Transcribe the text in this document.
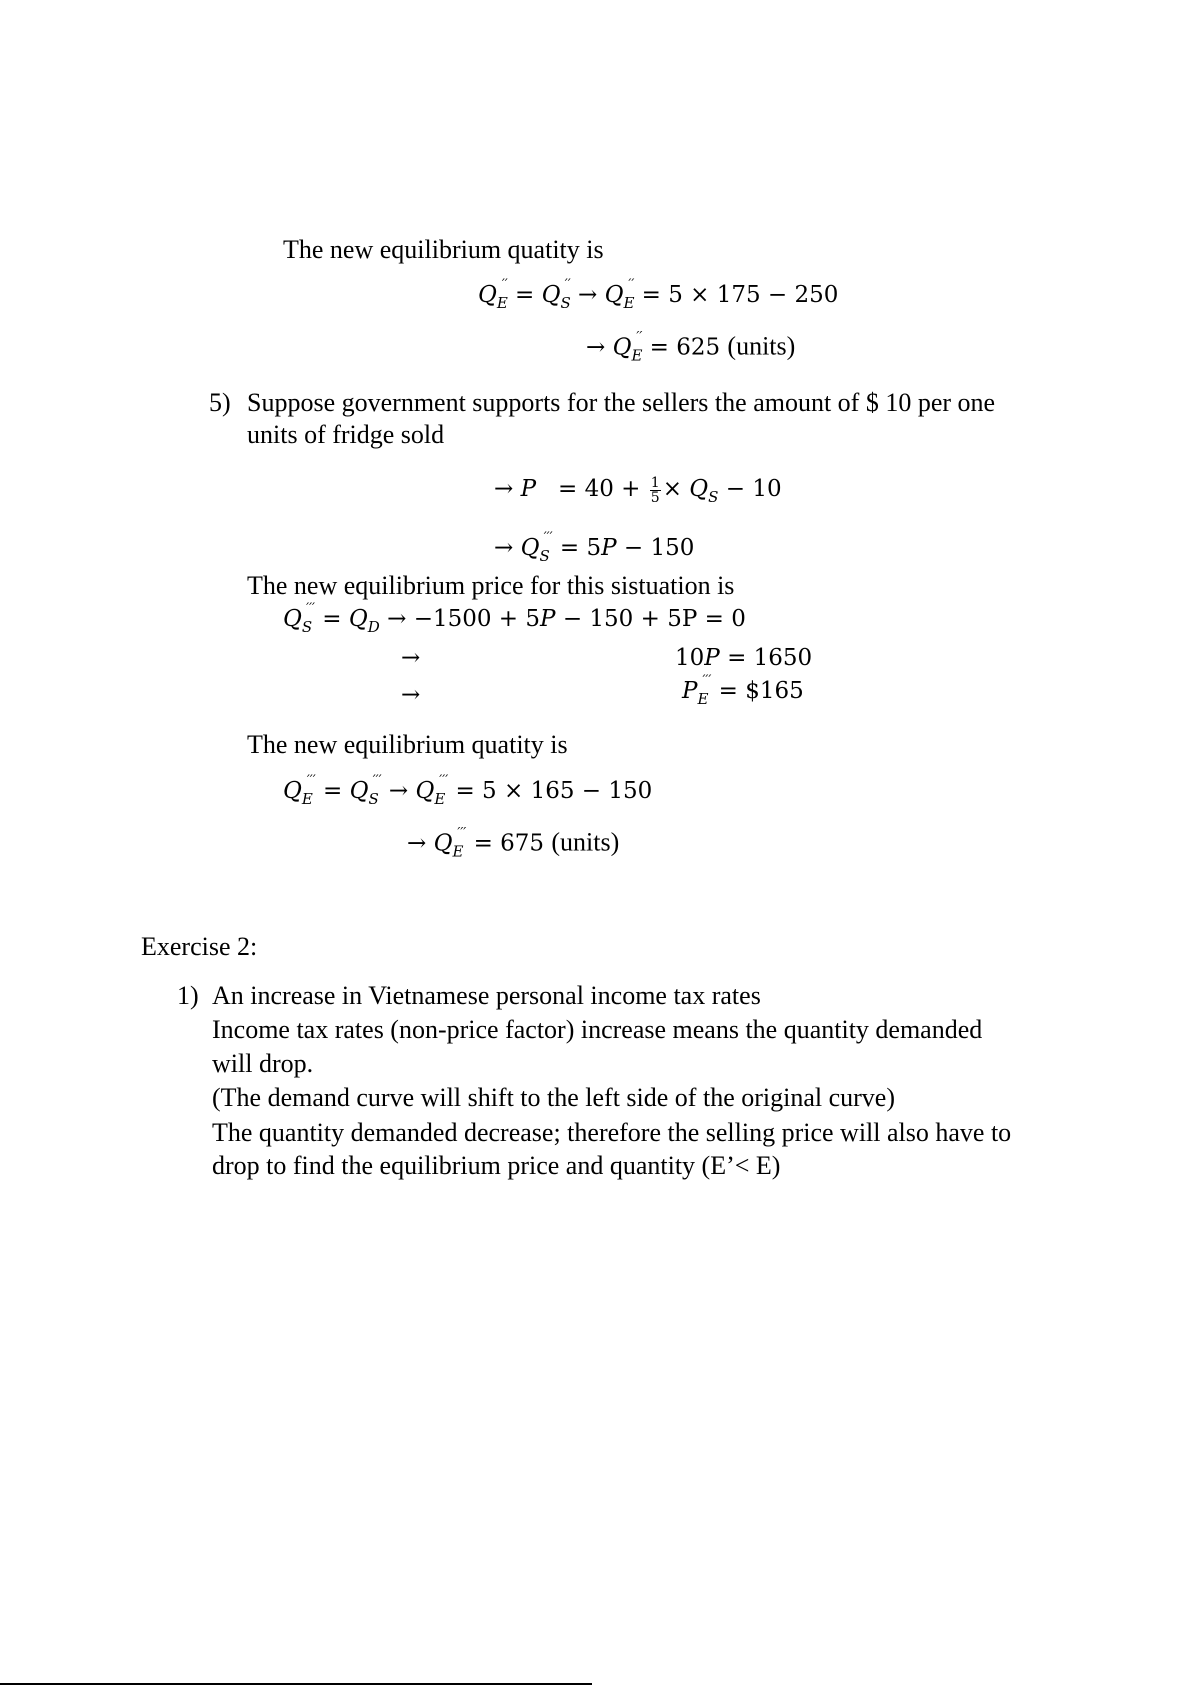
The new equilibrium quatity is
$Q_E'' = Q_S'' \to Q_E'' = 5 \times 175 - 250$
→ $Q_E'' = 625$ (units)
5) Suppose government supports for the sellers the amount of $ 10 per one
units of fridge sold
→ $P = 40 + \frac{1}{5} \times Q_S - 10$
→ $Q_S''' = 5P - 150$
The new equilibrium price for this sistuation is
$Q_S''' = Q_D \to -1500 + 5P - 150 + 5P = 0$
→	10P = 1650
→	$P_E'''$ = $165
The new equilibrium quatity is
$Q_E''' = Q_S''' \to Q_E''' = 5 \times 165 - 150$
→ $Q_E''' = 675$ (units)
Exercise 2:
1) An increase in Vietnamese personal income tax rates
Income tax rates (non-price factor) increase means the quantity demanded
will drop.
(The demand curve will shift to the left side of the original curve)
The quantity demanded decrease; therefore the selling price will also have to
drop to find the equilibrium price and quantity (E’< E)
